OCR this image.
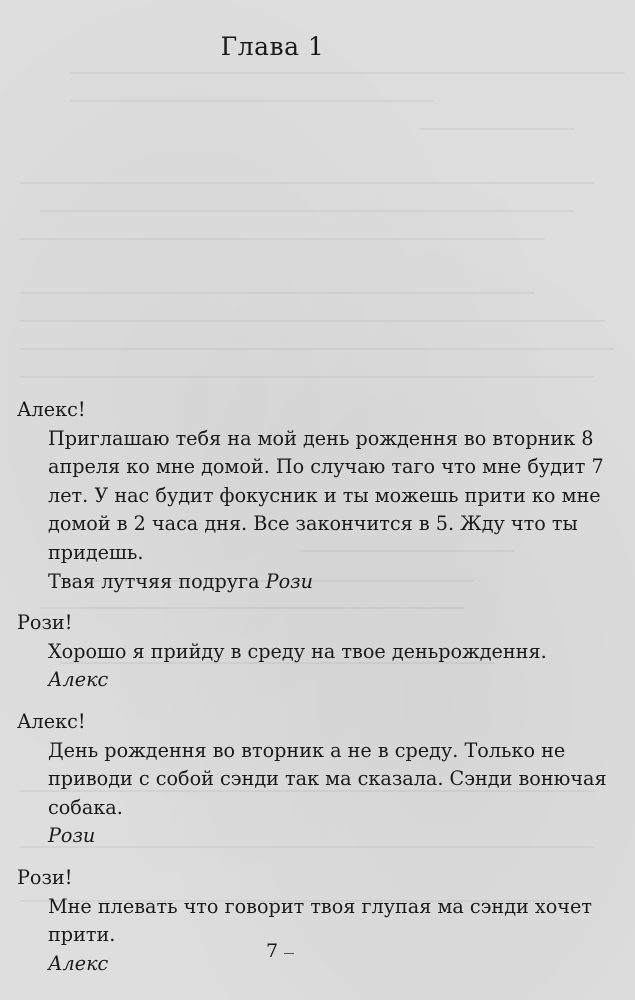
Глава 1

Алекс!

Приглашаю тебя на мой день рождення во вторник 8 апреля ко мне домой. По случаю таго что мне будит 7 лет. У нас будит фокусник и ты можешь прити ко мне домой в 2 часа дня. Все закончится в 5. Жду что ты придешь.

Твая лутчяя подруга Рози

Рози!

Хорошо я прийду в среду на твое деньрождення.

Алекс

Алекс!

День рождення во вторник а не в среду. Только не приводи с собой сэнди так ма сказала. Сэнди вонючая собака.

Рози

Рози!

Мне плевать что говорит твоя глупая ма сэнди хочет прити.

Алекс

7
